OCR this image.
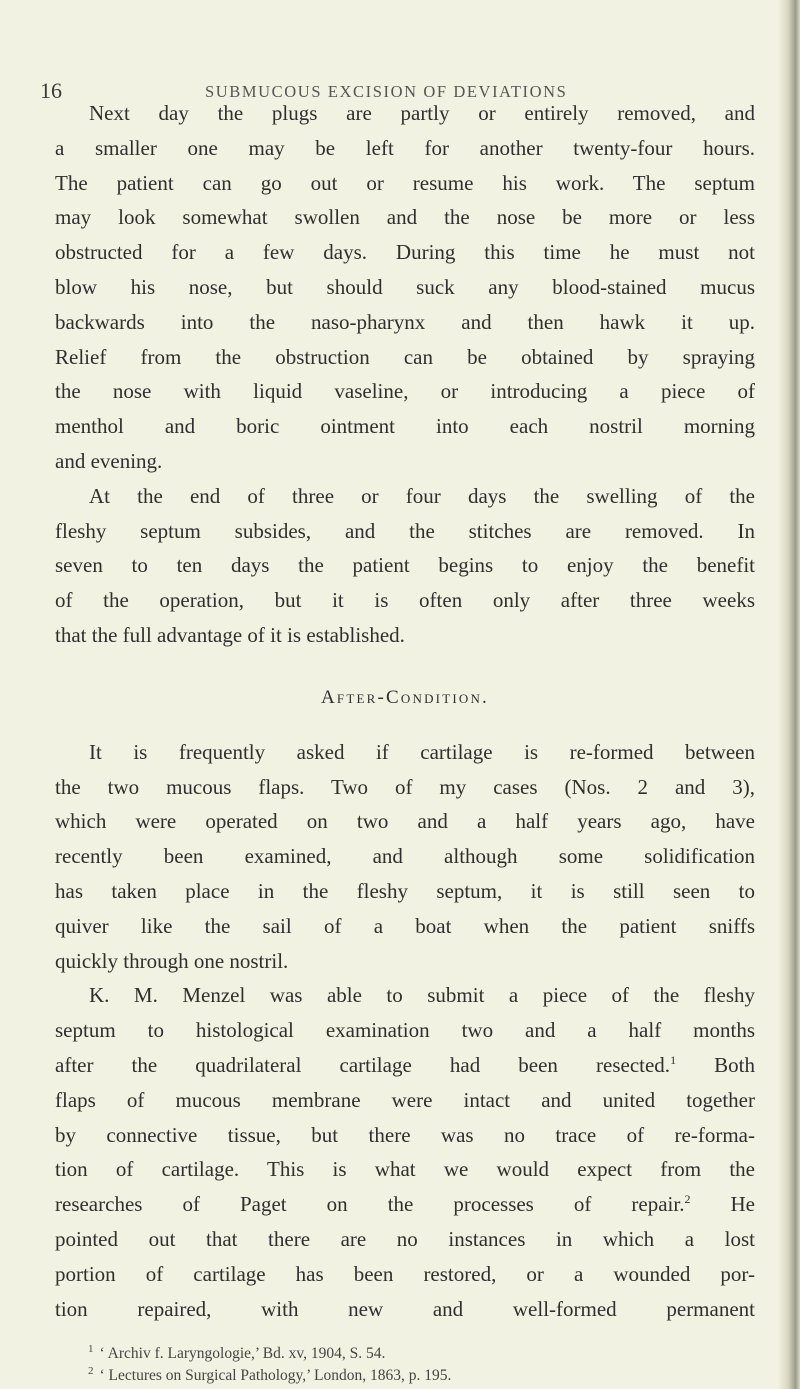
16	SUBMUCOUS EXCISION OF DEVIATIONS
Next day the plugs are partly or entirely removed, and
a smaller one may be left for another twenty-four hours.
The patient can go out or resume his work. The septum
may look somewhat swollen and the nose be more or less
obstructed for a few days. During this time he must not
blow his nose, but should suck any blood-stained mucus
backwards into the naso-pharynx and then hawk it up.
Relief from the obstruction can be obtained by spraying
the nose with liquid vaseline, or introducing a piece of
menthol and boric ointment into each nostril morning
and evening.
At the end of three or four days the swelling of the
fleshy septum subsides, and the stitches are removed. In
seven to ten days the patient begins to enjoy the benefit
of the operation, but it is often only after three weeks
that the full advantage of it is established.
After-Condition.
It is frequently asked if cartilage is re-formed between
the two mucous flaps. Two of my cases (Nos. 2 and 3),
which were operated on two and a half years ago, have
recently been examined, and although some solidification
has taken place in the fleshy septum, it is still seen to
quiver like the sail of a boat when the patient sniffs
quickly through one nostril.
K. M. Menzel was able to submit a piece of the fleshy
septum to histological examination two and a half months
after the quadrilateral cartilage had been resected.$^1$ Both
flaps of mucous membrane were intact and united together
by connective tissue, but there was no trace of re-forma-
tion of cartilage. This is what we would expect from the
researches of Paget on the processes of repair.$^2$ He
pointed out that there are no instances in which a lost
portion of cartilage has been restored, or a wounded por-
tion repaired, with new and well-formed permanent
$^1$ ‘ Archiv f. Laryngologie,’ Bd. xv, 1904, S. 54.
$^2$ ‘ Lectures on Surgical Pathology,’ London, 1863, p. 195.
